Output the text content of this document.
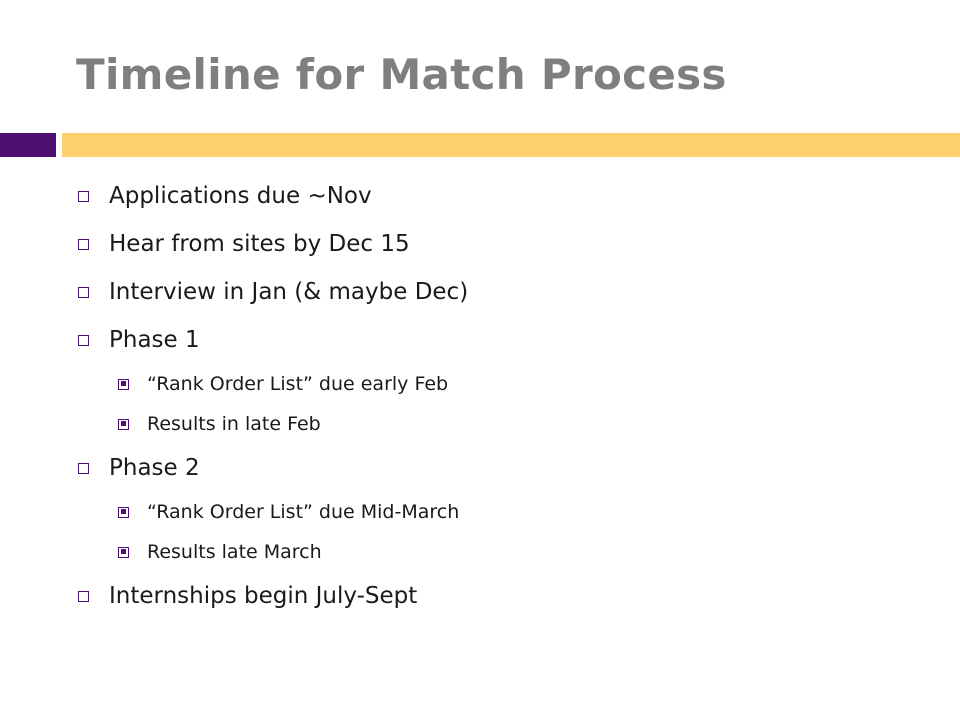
Timeline for Match Process
Applications due ~Nov
Hear from sites by Dec 15
Interview in Jan (& maybe Dec)
Phase 1
“Rank Order List” due early Feb
Results in late Feb
Phase 2
“Rank Order List” due Mid-March
Results late March
Internships begin July-Sept
